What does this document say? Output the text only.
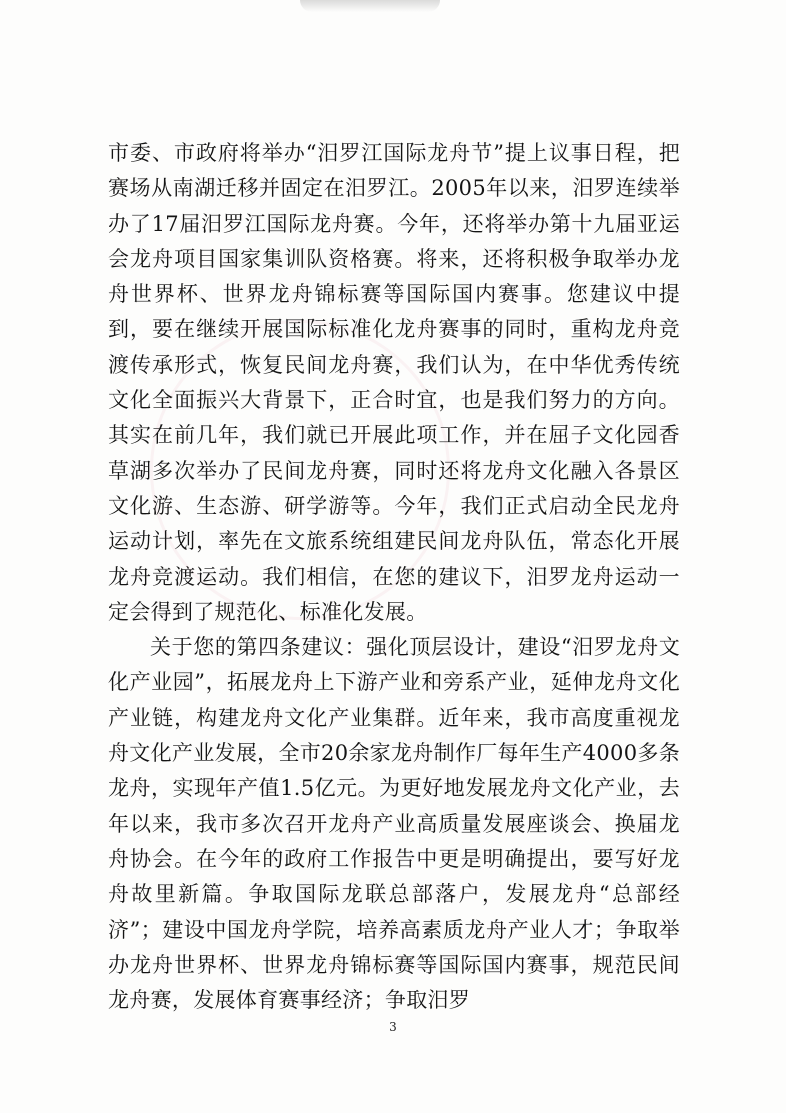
市委、市政府将举办“汨罗江国际龙舟节”提上议事日程，把赛场从南湖迁移并固定在汨罗江。2005年以来，汨罗连续举办了17届汨罗江国际龙舟赛。今年，还将举办第十九届亚运会龙舟项目国家集训队资格赛。将来，还将积极争取举办龙舟世界杯、世界龙舟锦标赛等国际国内赛事。您建议中提到，要在继续开展国际标准化龙舟赛事的同时，重构龙舟竞渡传承形式，恢复民间龙舟赛，我们认为，在中华优秀传统文化全面振兴大背景下，正合时宜，也是我们努力的方向。其实在前几年，我们就已开展此项工作，并在屈子文化园香草湖多次举办了民间龙舟赛，同时还将龙舟文化融入各景区文化游、生态游、研学游等。今年，我们正式启动全民龙舟运动计划，率先在文旅系统组建民间龙舟队伍，常态化开展龙舟竞渡运动。我们相信，在您的建议下，汨罗龙舟运动一定会得到了规范化、标准化发展。

关于您的第四条建议：强化顶层设计，建设“汨罗龙舟文化产业园”，拓展龙舟上下游产业和旁系产业，延伸龙舟文化产业链，构建龙舟文化产业集群。近年来，我市高度重视龙舟文化产业发展，全市20余家龙舟制作厂每年生产4000多条龙舟，实现年产值1.5亿元。为更好地发展龙舟文化产业，去年以来，我市多次召开龙舟产业高质量发展座谈会、换届龙舟协会。在今年的政府工作报告中更是明确提出，要写好龙舟故里新篇。争取国际龙联总部落户，发展龙舟“总部经济”；建设中国龙舟学院，培养高素质龙舟产业人才；争取举办龙舟世界杯、世界龙舟锦标赛等国际国内赛事，规范民间龙舟赛，发展体育赛事经济；争取汨罗

3
